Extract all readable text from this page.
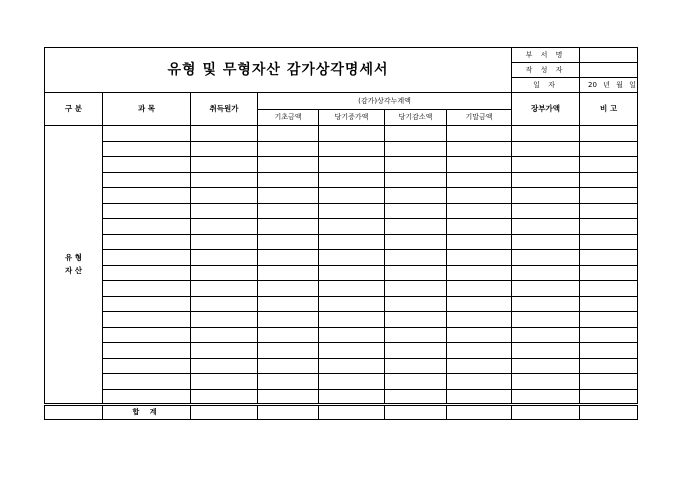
유형 및 무형자산 감가상각명세서							부 서 명	
							작 성 자	
							일 자	20 년 월 일
구 분	과 목	취득원가	(감가)상각누계액				장부가액	비 고
			기초금액	당기증가액	당기감소액	기말금액		

유 형
자 산								

	합 계							
